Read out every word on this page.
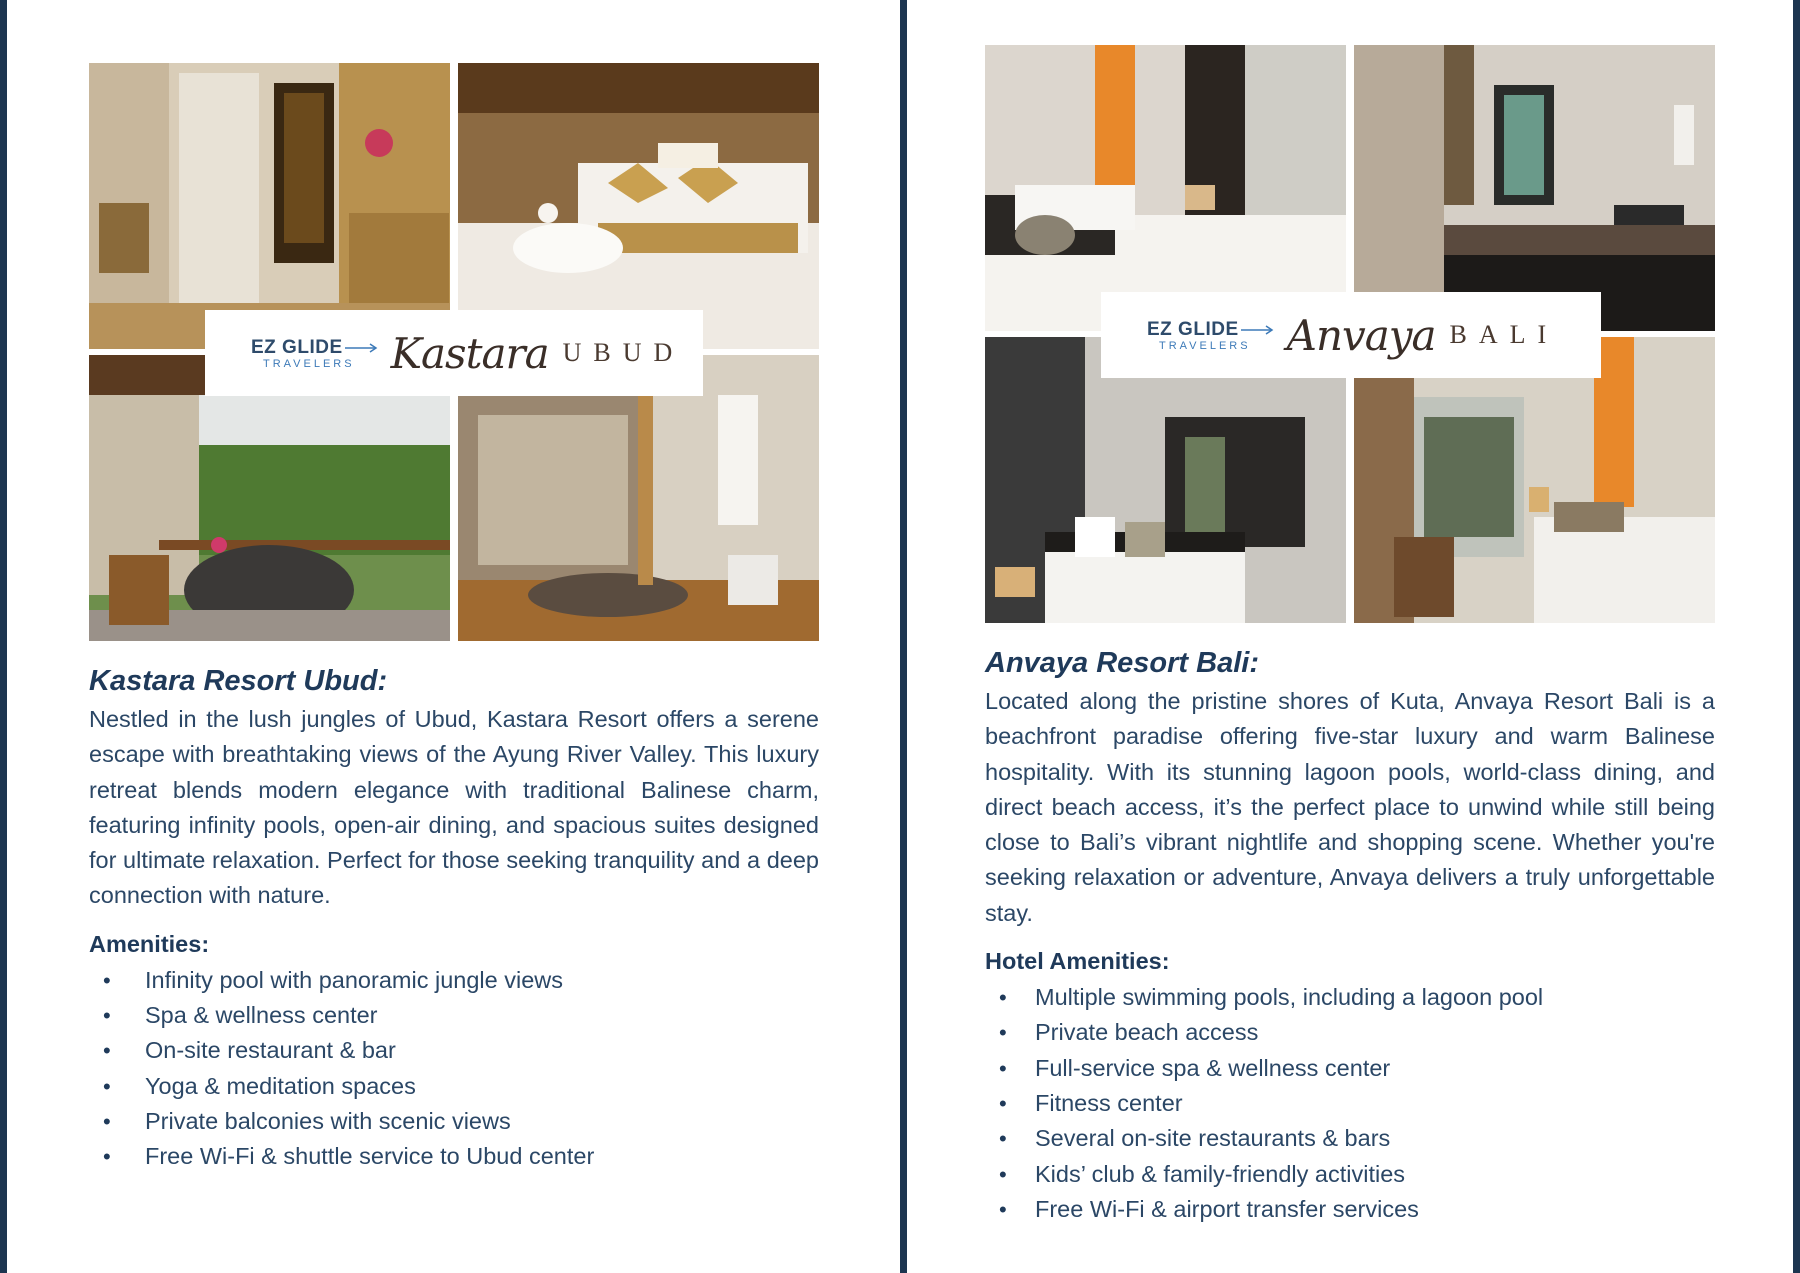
EZ GLIDE
TRAVELERS Kastara UBUD
Kastara Resort Ubud:

Nestled in the lush jungles of Ubud, Kastara Resort offers a serene escape with breathtaking views of the Ayung River Valley. This luxury retreat blends modern elegance with traditional Balinese charm, featuring infinity pools, open-air dining, and spacious suites designed for ultimate relaxation. Perfect for those seeking tranquility and a deep connection with nature.

Amenities:
• Infinity pool with panoramic jungle views
• Spa & wellness center
• On-site restaurant & bar
• Yoga & meditation spaces
• Private balconies with scenic views
• Free Wi-Fi & shuttle service to Ubud center
EZ GLIDE
TRAVELERS Anvaya BALI
Anvaya Resort Bali:

Located along the pristine shores of Kuta, Anvaya Resort Bali is a beachfront paradise offering five-star luxury and warm Balinese hospitality. With its stunning lagoon pools, world-class dining, and direct beach access, it’s the perfect place to unwind while still being close to Bali’s vibrant nightlife and shopping scene. Whether you're seeking relaxation or adventure, Anvaya delivers a truly unforgettable stay.

Hotel Amenities:
• Multiple swimming pools, including a lagoon pool
• Private beach access
• Full-service spa & wellness center
• Fitness center
• Several on-site restaurants & bars
• Kids’ club & family-friendly activities
• Free Wi-Fi & airport transfer services
